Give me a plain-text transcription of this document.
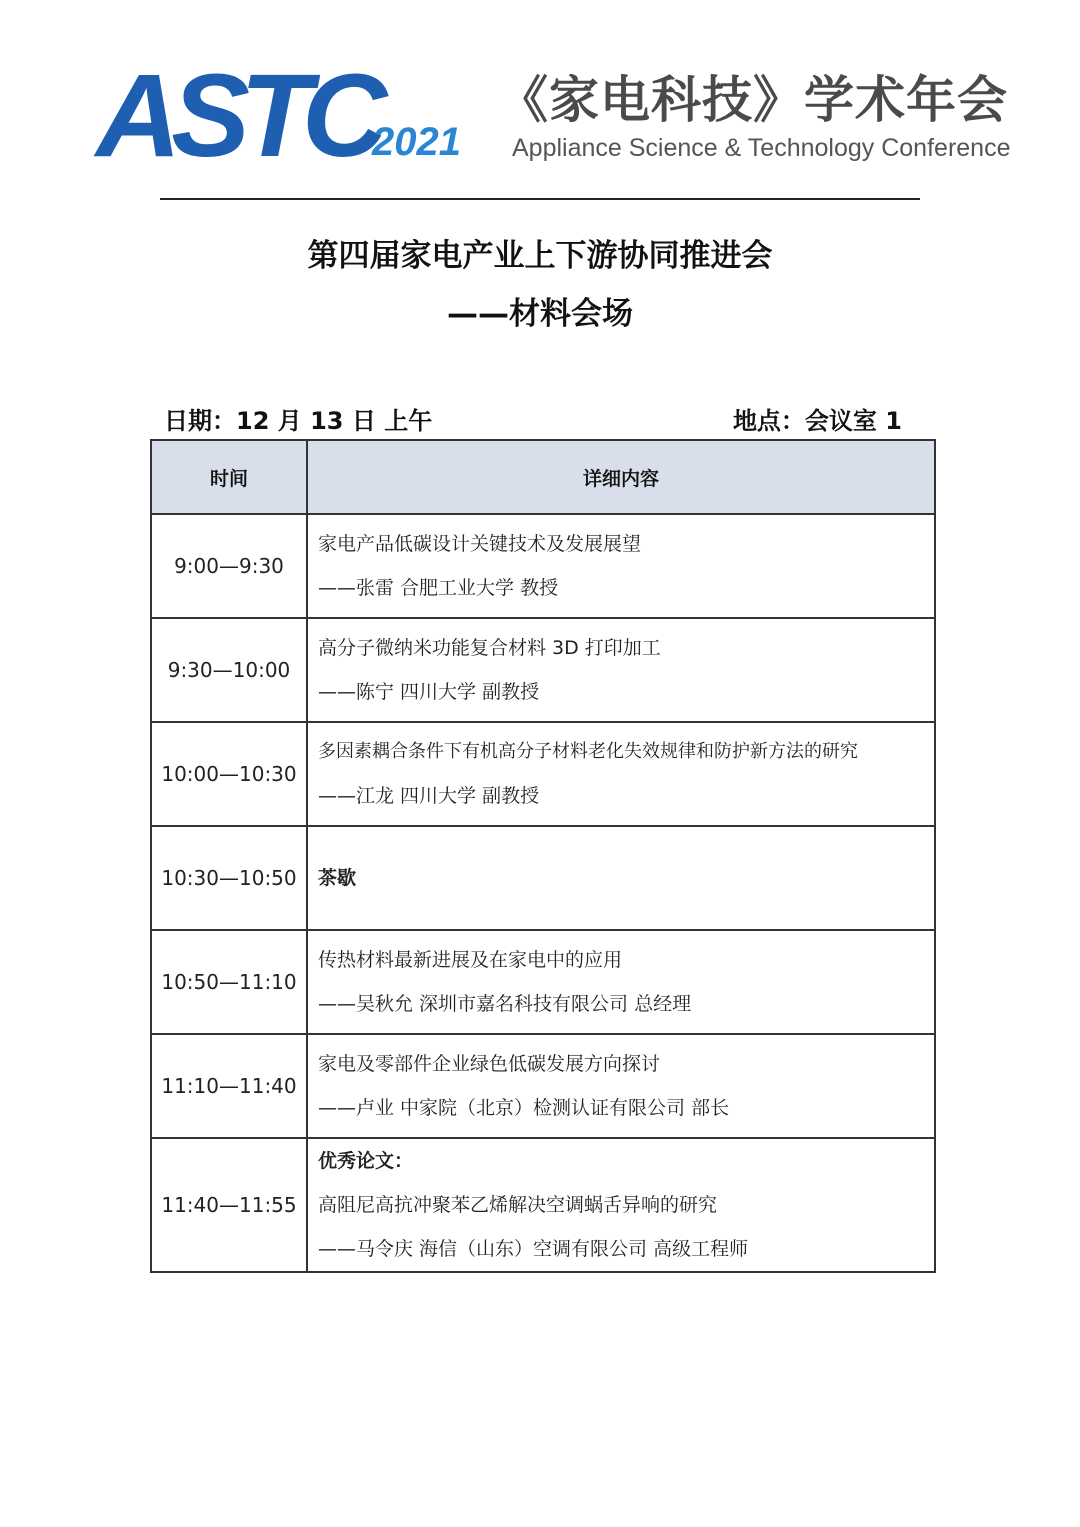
ASTC
2021
《家电科技》学术年会
Appliance Science & Technology Conference
第四届家电产业上下游协同推进会
——材料会场
日期：12 月 13 日 上午	地点：会议室 1
时间	详细内容
9:00—9:30	家电产品低碳设计关键技术及发展展望
——张雷 合肥工业大学 教授

9:30—10:00	高分子微纳米功能复合材料 3D 打印加工
——陈宁 四川大学 副教授

10:00—10:30	多因素耦合条件下有机高分子材料老化失效规律和防护新方法的研究
——江龙 四川大学 副教授

10:30—10:50	茶歇

10:50—11:10	传热材料最新进展及在家电中的应用
——吴秋允 深圳市嘉名科技有限公司 总经理

11:10—11:40	家电及零部件企业绿色低碳发展方向探讨
——卢业 中家院（北京）检测认证有限公司 部长

11:40—11:55	优秀论文：
高阻尼高抗冲聚苯乙烯解决空调蜗舌异响的研究
——马令庆 海信（山东）空调有限公司 高级工程师
